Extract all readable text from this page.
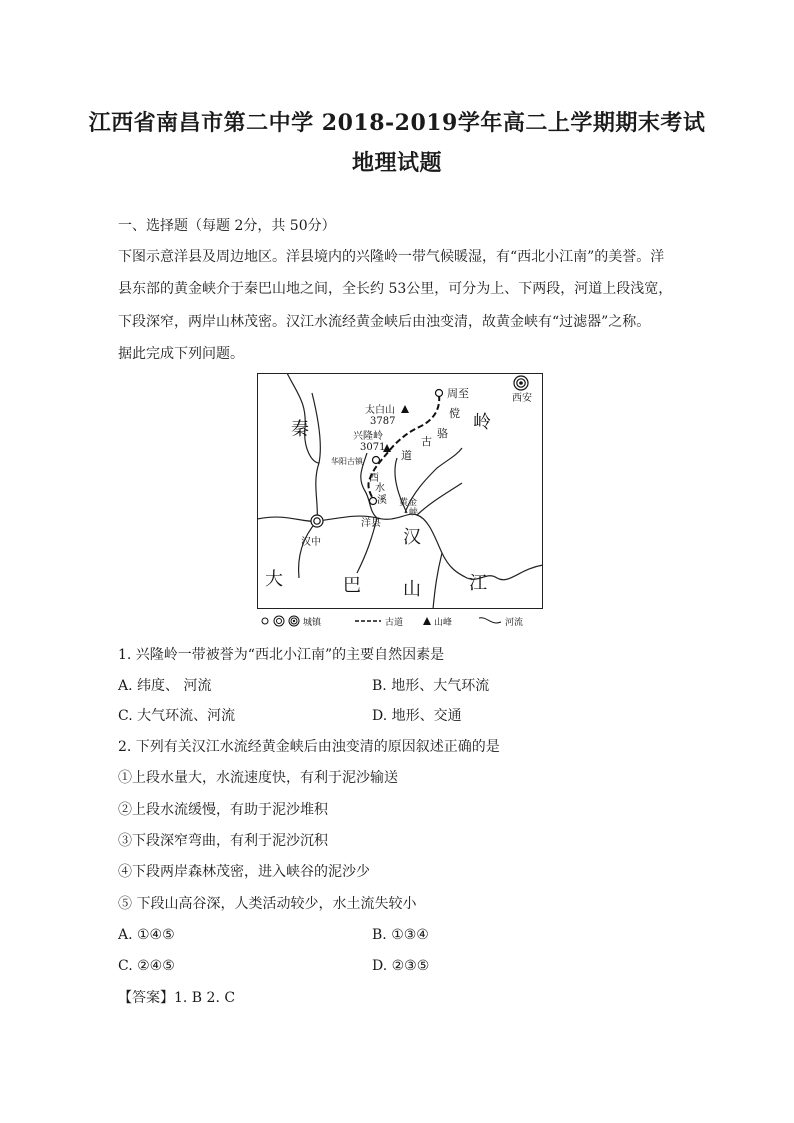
江西省南昌市第二中学 2018-2019学年高二上学期期末考试
地理试题
一、选择题（每题 2分，共 50分）
下图示意洋县及周边地区。洋县境内的兴隆岭一带气候暖湿，有“西北小江南”的美誉。洋
县东部的黄金峡介于秦巴山地之间，全长约 53公里，可分为上、下两段，河道上段浅宽，
下段深窄，两岸山林茂密。汉江水流经黄金峡后由浊变清，故黄金峡有“过滤器”之称。
据此完成下列问题。
秦	岭
大	巴 山
汉
江
西安
周至
太白山
3787
兴隆岭
3071
华阳古镇
傥
骆
古
道
酉
水
溪 黄金
峡
洋县
汉中
城镇	古道	山峰	河流
1. 兴隆岭一带被誉为“西北小江南”的主要自然因素是
A. 纬度、 河流	B. 地形、大气环流
C. 大气环流、河流	D. 地形、交通
2. 下列有关汉江水流经黄金峡后由浊变清的原因叙述正确的是
①上段水量大，水流速度快，有利于泥沙输送
②上段水流缓慢，有助于泥沙堆积
③下段深窄弯曲，有利于泥沙沉积
④下段两岸森林茂密，进入峡谷的泥沙少
⑤ 下段山高谷深，人类活动较少，水土流失较小
A. ①④⑤	B. ①③④
C. ②④⑤	D. ②③⑤
【答案】1. B 2. C
